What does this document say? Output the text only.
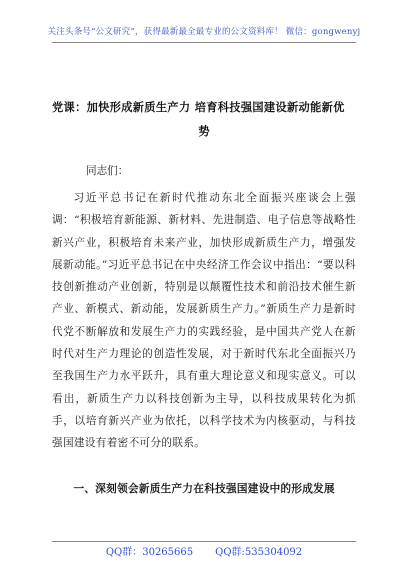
关注头条号“公文研究”，获得最新最全最专业的公文资料库！ 微信：gongwenyj
党课：加快形成新质生产力 培育科技强国建设新动能新优
势
同志们：
习近平总书记在新时代推动东北全面振兴座谈会上强调：“积极培育新能源、新材料、先进制造、电子信息等战略性新兴产业，积极培育未来产业，加快形成新质生产力，增强发展新动能。”习近平总书记在中央经济工作会议中指出：“要以科技创新推动产业创新，特别是以颠覆性技术和前沿技术催生新产业、新模式、新动能，发展新质生产力。”新质生产力是新时代党不断解放和发展生产力的实践经验，是中国共产党人在新时代对生产力理论的创造性发展，对于新时代东北全面振兴乃至我国生产力水平跃升，具有重大理论意义和现实意义。可以看出，新质生产力以科技创新为主导，以科技成果转化为抓手，以培育新兴产业为依托，以科学技术为内核驱动，与科技强国建设有着密不可分的联系。
一、深刻领会新质生产力在科技强国建设中的形成发展
QQ群：30265665 QQ群:535304092
